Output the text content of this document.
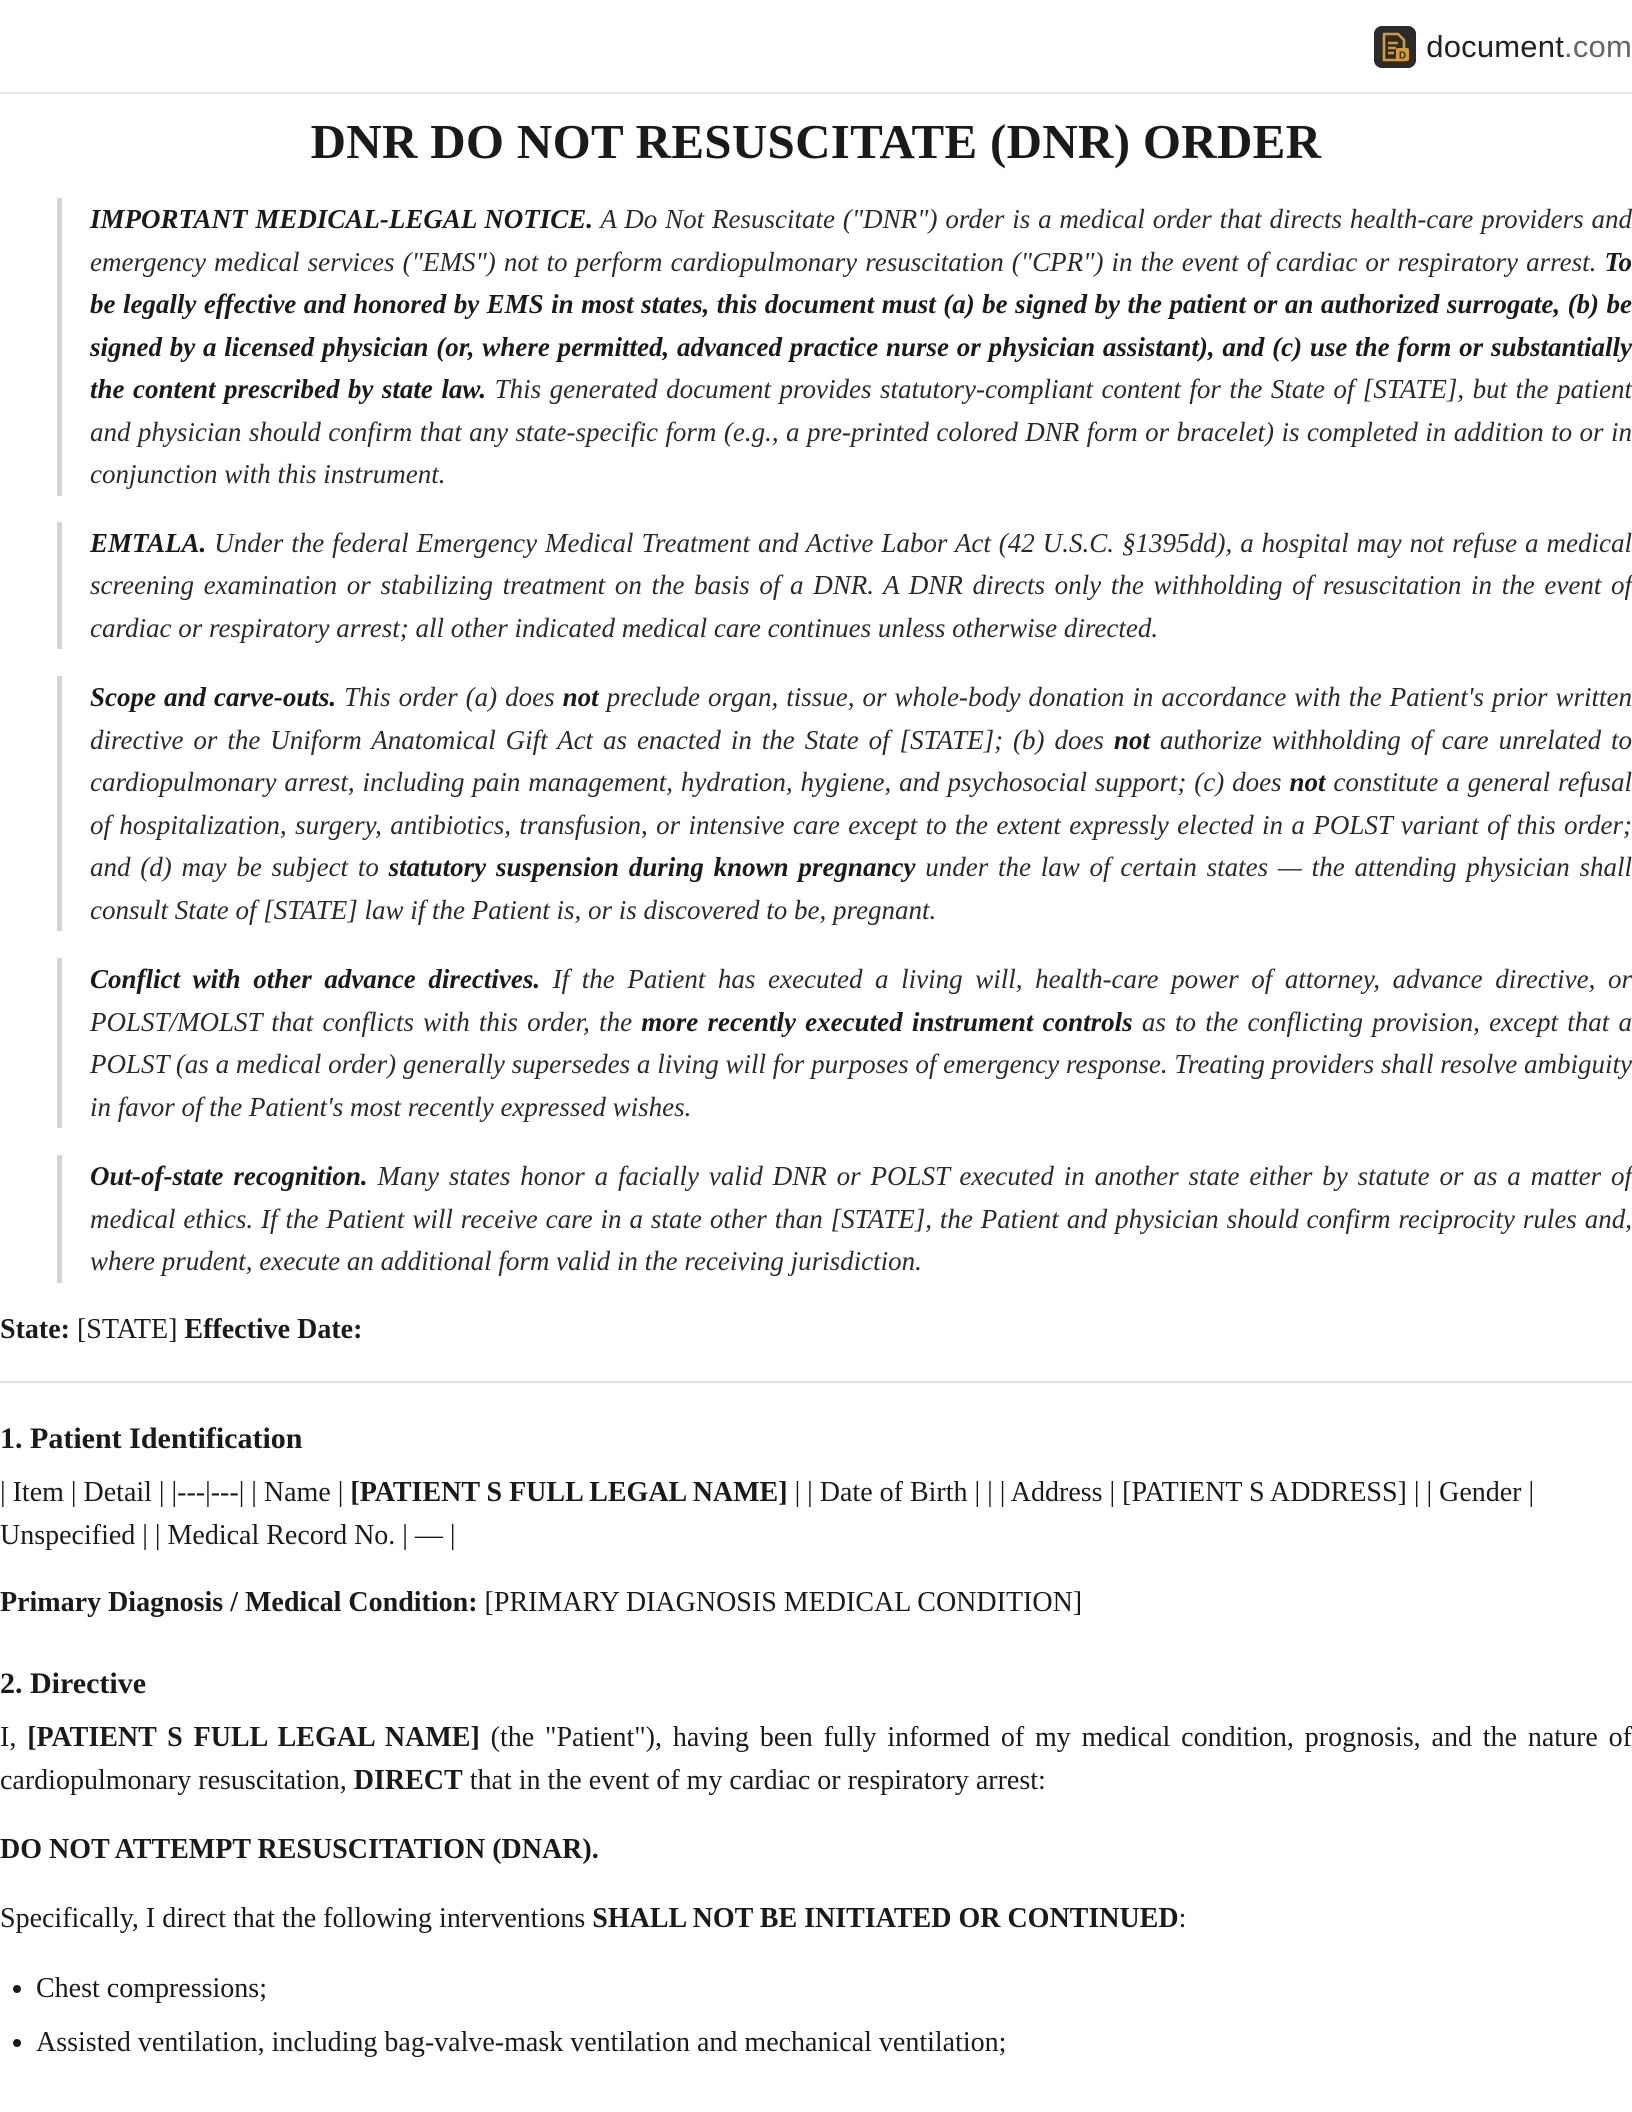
D document.com
DNR DO NOT RESUSCITATE (DNR) ORDER
IMPORTANT MEDICAL-LEGAL NOTICE. A Do Not Resuscitate ("DNR") order is a medical order that directs health-care providers and emergency medical services ("EMS") not to perform cardiopulmonary resuscitation ("CPR") in the event of cardiac or respiratory arrest. To be legally effective and honored by EMS in most states, this document must (a) be signed by the patient or an authorized surrogate, (b) be signed by a licensed physician (or, where permitted, advanced practice nurse or physician assistant), and (c) use the form or substantially the content prescribed by state law. This generated document provides statutory-compliant content for the State of [STATE], but the patient and physician should confirm that any state-specific form (e.g., a pre-printed colored DNR form or bracelet) is completed in addition to or in conjunction with this instrument.
EMTALA. Under the federal Emergency Medical Treatment and Active Labor Act (42 U.S.C. §1395dd), a hospital may not refuse a medical screening examination or stabilizing treatment on the basis of a DNR. A DNR directs only the withholding of resuscitation in the event of cardiac or respiratory arrest; all other indicated medical care continues unless otherwise directed.
Scope and carve-outs. This order (a) does not preclude organ, tissue, or whole-body donation in accordance with the Patient's prior written directive or the Uniform Anatomical Gift Act as enacted in the State of [STATE]; (b) does not authorize withholding of care unrelated to cardiopulmonary arrest, including pain management, hydration, hygiene, and psychosocial support; (c) does not constitute a general refusal of hospitalization, surgery, antibiotics, transfusion, or intensive care except to the extent expressly elected in a POLST variant of this order; and (d) may be subject to statutory suspension during known pregnancy under the law of certain states — the attending physician shall consult State of [STATE] law if the Patient is, or is discovered to be, pregnant.
Conflict with other advance directives. If the Patient has executed a living will, health-care power of attorney, advance directive, or POLST/MOLST that conflicts with this order, the more recently executed instrument controls as to the conflicting provision, except that a POLST (as a medical order) generally supersedes a living will for purposes of emergency response. Treating providers shall resolve ambiguity in favor of the Patient's most recently expressed wishes.
Out-of-state recognition. Many states honor a facially valid DNR or POLST executed in another state either by statute or as a matter of medical ethics. If the Patient will receive care in a state other than [STATE], the Patient and physician should confirm reciprocity rules and, where prudent, execute an additional form valid in the receiving jurisdiction.

State: [STATE] Effective Date:

1. Patient Identification

| Item | Detail | |---|---| | Name | [PATIENT S FULL LEGAL NAME] | | Date of Birth | | | Address | [PATIENT S ADDRESS] | | Gender | Unspecified | | Medical Record No. | — |

Primary Diagnosis / Medical Condition: [PRIMARY DIAGNOSIS MEDICAL CONDITION]

2. Directive

I, [PATIENT S FULL LEGAL NAME] (the "Patient"), having been fully informed of my medical condition, prognosis, and the nature of cardiopulmonary resuscitation, DIRECT that in the event of my cardiac or respiratory arrest:

DO NOT ATTEMPT RESUSCITATION (DNAR).

Specifically, I direct that the following interventions SHALL NOT BE INITIATED OR CONTINUED:

• Chest compressions;
• Assisted ventilation, including bag-valve-mask ventilation and mechanical ventilation;
